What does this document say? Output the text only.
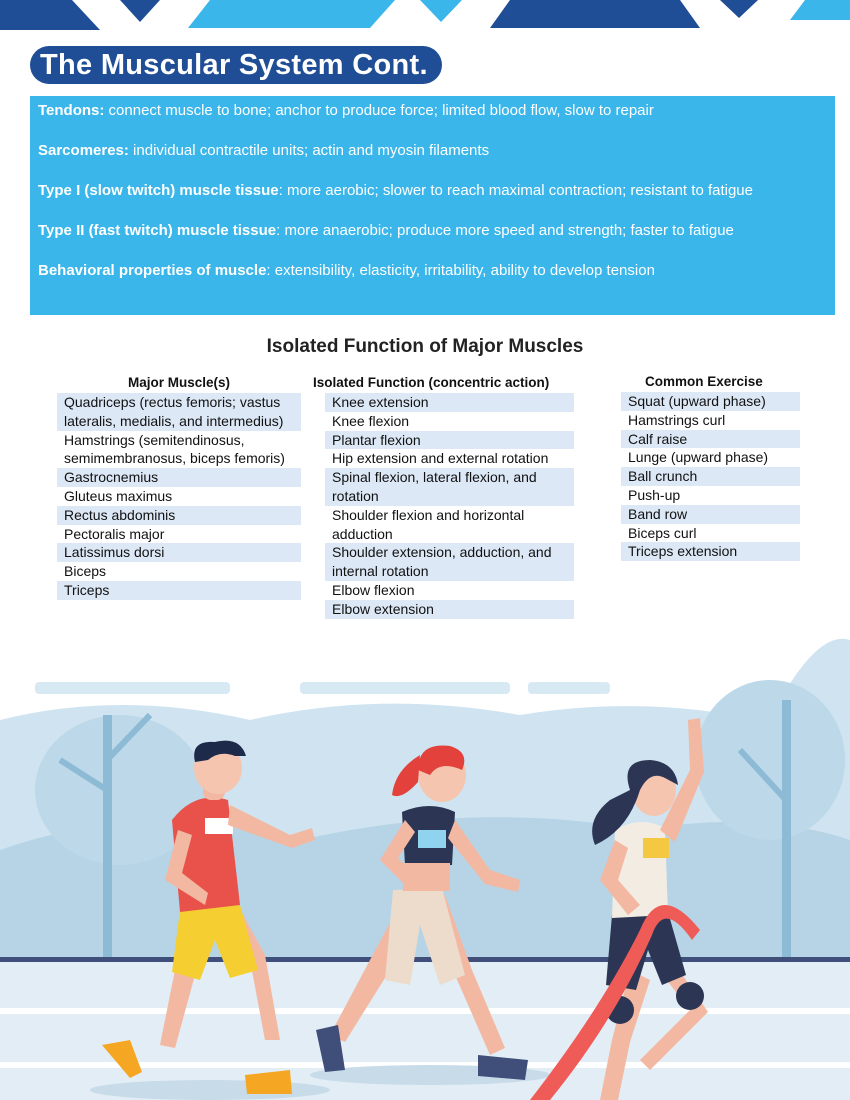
The Muscular System Cont.
Tendons: connect muscle to bone; anchor to produce force; limited blood flow, slow to repair
Sarcomeres: individual contractile units; actin and myosin filaments
Type I (slow twitch) muscle tissue: more aerobic; slower to reach maximal contraction; resistant to fatigue
Type II (fast twitch) muscle tissue: more anaerobic; produce more speed and strength; faster to fatigue
Behavioral properties of muscle: extensibility, elasticity, irritability, ability to develop tension
Isolated Function of Major Muscles
Major Muscle(s)
Quadriceps (rectus femoris; vastus lateralis, medialis, and intermedius)
Hamstrings (semitendinosus, semimembranosus, biceps femoris)
Gastrocnemius
Gluteus maximus
Rectus abdominis
Pectoralis major
Latissimus dorsi
Biceps
Triceps
Isolated Function (concentric action)
Knee extension
Knee flexion
Plantar flexion
Hip extension and external rotation
Spinal flexion, lateral flexion, and rotation
Shoulder flexion and horizontal adduction
Shoulder extension, adduction, and internal rotation
Elbow flexion
Elbow extension
Common Exercise
Squat (upward phase)
Hamstrings curl
Calf raise
Lunge (upward phase)
Ball crunch
Push-up
Band row
Biceps curl
Triceps extension
